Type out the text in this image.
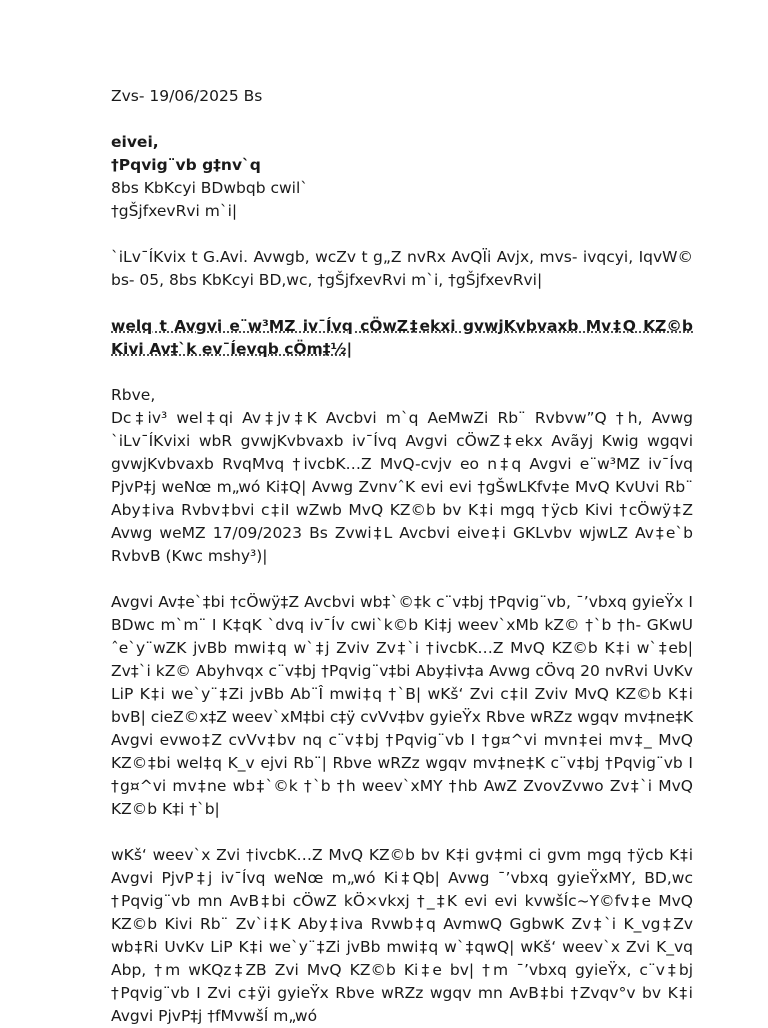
Zvs- 19/06/2025 Bs

eivei,
†Pqvig¨vb g‡nv`q
8bs KbKcyi BDwbqb cwil`
†gŠjfxevRvi m`i|

`iLv¯ÍKvix t G.Avi. Avwgb, wcZv t g„Z nvRx AvQÏi Avjx, mvs- ivqcyi, IqvW© bs- 05, 8bs KbKcyi BD,wc, †gŠjfxevRvi m`i, †gŠjfxevRvi|

welq t Avgvi e¨w³MZ iv¯Ívq cÖwZ‡ekxi gvwjKvbvaxb Mv‡Q KZ©b Kivi Av‡`k ev¯Íevqb cÖm‡½|

Rbve,

Dc‡iv³ wel‡qi Av‡jv‡K Avcbvi m`q AeMwZi Rb¨ Rvbvw”Q †h, Avwg `iLv¯ÍKvixi wbR gvwjKvbvaxb iv¯Ívq Avgvi cÖwZ‡ekx Avãyj Kwig wgqvi gvwjKvbvaxb RvqMvq †ivcbK…Z MvQ-cvjv eo n‡q Avgvi e¨w³MZ iv¯Ívq PjvP‡j weNœ m„wó Ki‡Q| Avwg ZvnvˆK evi evi †gŠwLKfv‡e MvQ KvUvi Rb¨ Aby‡iva Rvbv‡bvi c‡iI wZwb MvQ KZ©b bv K‡i mgq †ÿcb Kivi †cÖwÿ‡Z Avwg weMZ 17/09/2023 Bs Zvwi‡L Avcbvi eive‡i GKLvbv wjwLZ Av‡e`b RvbvB (Kwc mshy³)|

Avgvi Av‡e`‡bi †cÖwÿ‡Z Avcbvi wb‡`©‡k c¨v‡bj †Pqvig¨vb, ¯’vbxq gyieŸx I BDwc m`m¨ I K‡qK `dvq iv¯Ív cwi`k©b Ki‡j weev`xMb kZ© †`b †h- GKwU ˆe`y¨wZK jvBb mwi‡q w`‡j Zviv Zv‡`i †ivcbK…Z MvQ KZ©b K‡i w`‡eb| Zv‡`i kZ© Abyhvqx c¨v‡bj †Pqvig¨v‡bi Aby‡iv‡a Avwg cÖvq 20 nvRvi UvKv LiP K‡i we`y¨‡Zi jvBb Ab¨Î mwi‡q †`B| wKš‘ Zvi c‡iI Zviv MvQ KZ©b K‡i bvB| cieZ©x‡Z weev`xM‡bi c‡ÿ cvVv‡bv gyieŸx Rbve wRZz wgqv mv‡ne‡K Avgvi evwo‡Z cvVv‡bv nq c¨v‡bj †Pqvig¨vb I †g¤^vi mvn‡ei mv‡_ MvQ KZ©‡bi wel‡q K_v ejvi Rb¨| Rbve wRZz wgqv mv‡ne‡K c¨v‡bj †Pqvig¨vb I †g¤^vi mv‡ne wb‡`©k †`b †h weev`xMY †hb AwZ ZvovZvwo Zv‡`i MvQ KZ©b K‡i †`b|

wKš‘ weev`x Zvi †ivcbK…Z MvQ KZ©b bv K‡i gv‡mi ci gvm mgq †ÿcb K‡i Avgvi PjvP‡j iv¯Ívq weNœ m„wó Ki‡Qb| Avwg ¯’vbxq gyieŸxMY, BD,wc †Pqvig¨vb mn AvB‡bi cÖwZ kÖ×vkxj †_‡K evi evi kvwšÍc~Y©fv‡e MvQ KZ©b Kivi Rb¨ Zv`i‡K Aby‡iva Rvwb‡q AvmwQ GgbwK Zv‡`i K_vg‡Zv wb‡Ri UvKv LiP K‡i we`y¨‡Zi jvBb mwi‡q w`‡qwQ| wKš‘ weev`x Zvi K_vq Abp, †m wKQz‡ZB Zvi MvQ KZ©b Ki‡e bv| †m ¯’vbxq gyieŸx, c¨v‡bj †Pqvig¨vb I Zvi c‡ÿi gyieŸx Rbve wRZz wgqv mn AvB‡bi †Zvqv°v bv K‡i Avgvi PjvP‡j †fMvwšÍ m„wó
